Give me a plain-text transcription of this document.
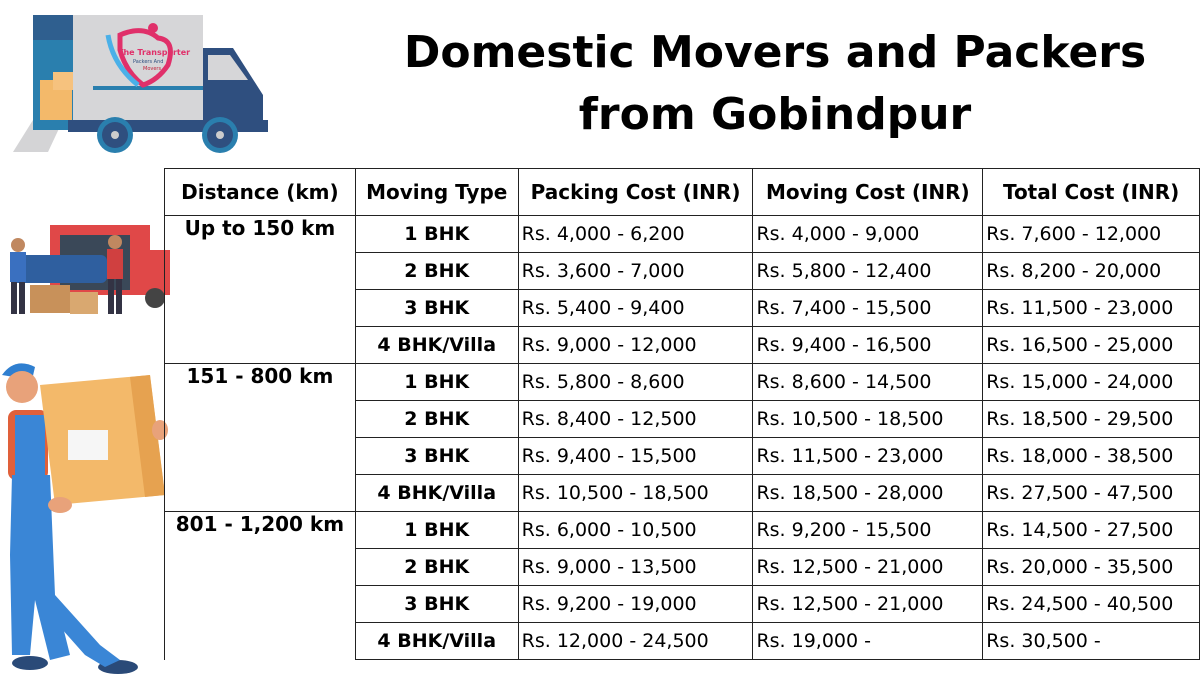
The Transporter
Packers And
Movers	Domestic Movers and Packers from Gobindpur
Distance (km)	Moving Type	Packing Cost (INR)	Moving Cost (INR)	Total Cost (INR)
Up to 150 km	1 BHK	Rs. 4,000 - 6,200	Rs. 4,000 - 9,000	Rs. 7,600 - 12,000
	2 BHK	Rs. 3,600 - 7,000	Rs. 5,800 - 12,400	Rs. 8,200 - 20,000
	3 BHK	Rs. 5,400 - 9,400	Rs. 7,400 - 15,500	Rs. 11,500 - 23,000
	4 BHK/Villa	Rs. 9,000 - 12,000	Rs. 9,400 - 16,500	Rs. 16,500 - 25,000
151 - 800 km	1 BHK	Rs. 5,800 - 8,600	Rs. 8,600 - 14,500	Rs. 15,000 - 24,000
	2 BHK	Rs. 8,400 - 12,500	Rs. 10,500 - 18,500	Rs. 18,500 - 29,500
	3 BHK	Rs. 9,400 - 15,500	Rs. 11,500 - 23,000	Rs. 18,000 - 38,500
	4 BHK/Villa	Rs. 10,500 - 18,500	Rs. 18,500 - 28,000	Rs. 27,500 - 47,500
801 - 1,200 km	1 BHK	Rs. 6,000 - 10,500	Rs. 9,200 - 15,500	Rs. 14,500 - 27,500
	2 BHK	Rs. 9,000 - 13,500	Rs. 12,500 - 21,000	Rs. 20,000 - 35,500
	3 BHK	Rs. 9,200 - 19,000	Rs. 12,500 - 21,000	Rs. 24,500 - 40,500
	4 BHK/Villa	Rs. 12,000 - 24,500	Rs. 19,000 -	Rs. 30,500 -
